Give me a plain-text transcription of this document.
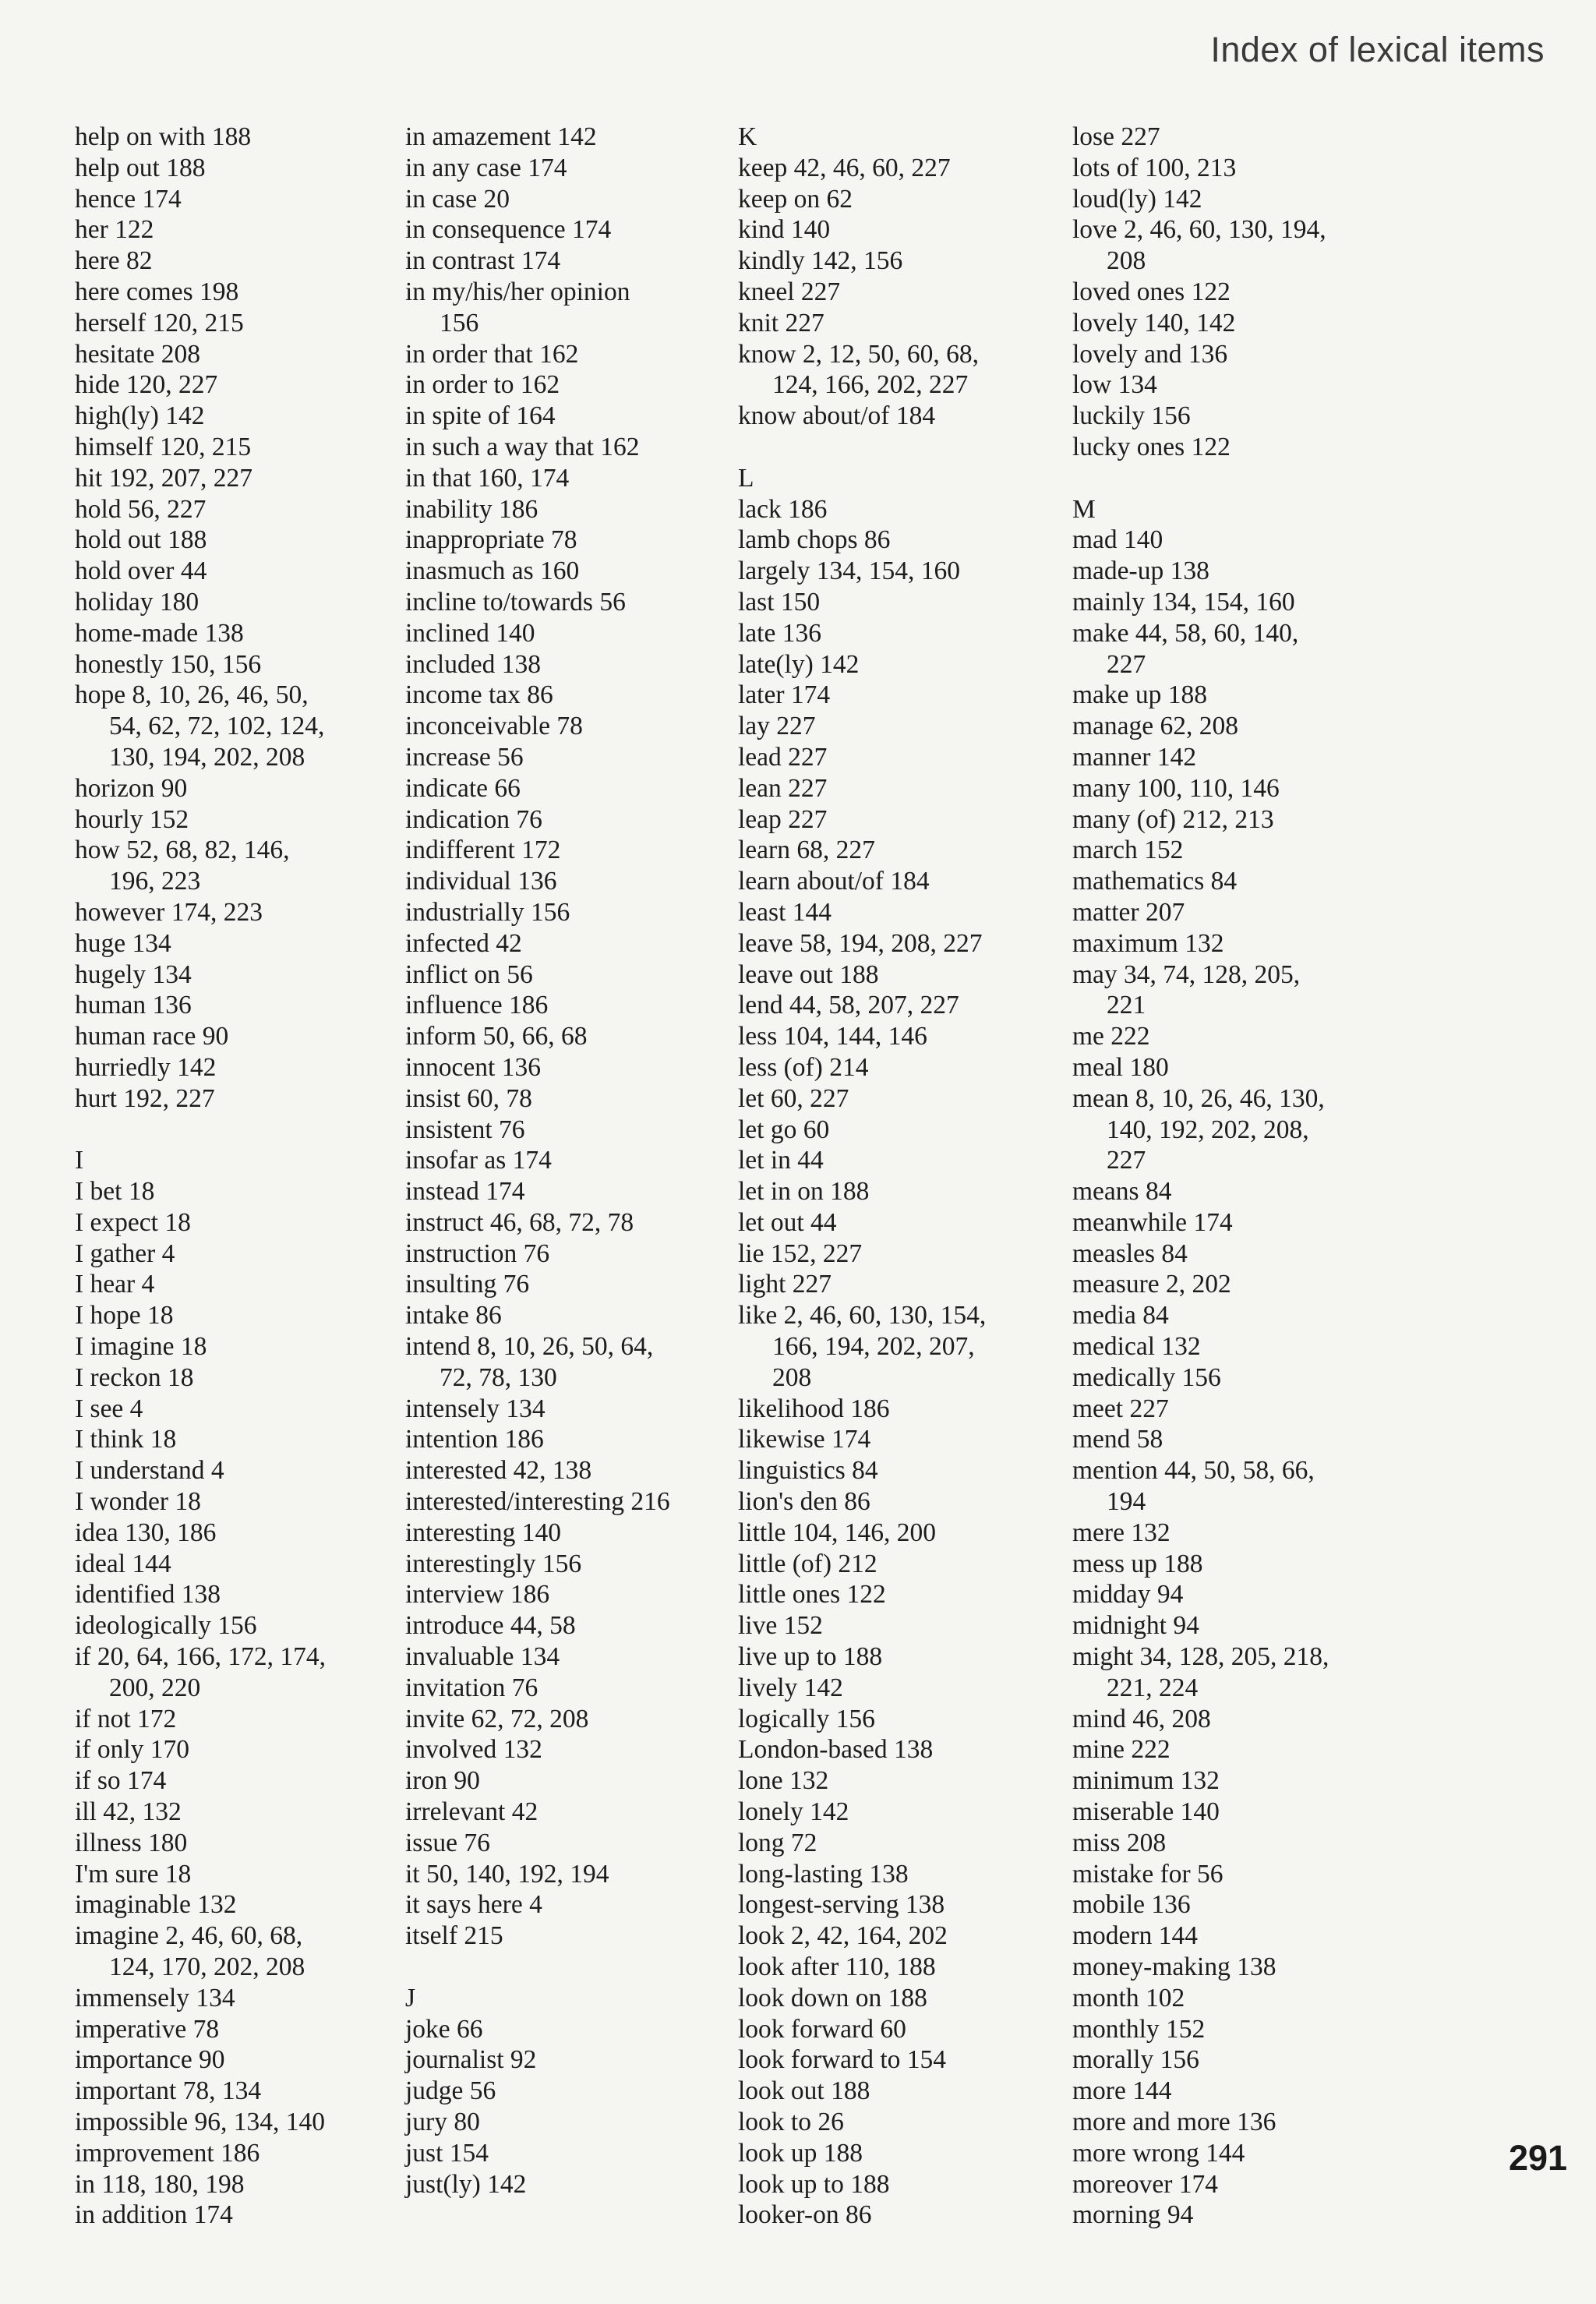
Index of lexical items
help on with 188
help out 188
hence 174
her 122
here 82
here comes 198
herself 120, 215
hesitate 208
hide 120, 227
high(ly) 142
himself 120, 215
hit 192, 207, 227
hold 56, 227
hold out 188
hold over 44
holiday 180
home-made 138
honestly 150, 156
hope 8, 10, 26, 46, 50,
54, 62, 72, 102, 124,
130, 194, 202, 208
horizon 90
hourly 152
how 52, 68, 82, 146,
196, 223
however 174, 223
huge 134
hugely 134
human 136
human race 90
hurriedly 142
hurt 192, 227
I
I bet 18
I expect 18
I gather 4
I hear 4
I hope 18
I imagine 18
I reckon 18
I see 4
I think 18
I understand 4
I wonder 18
idea 130, 186
ideal 144
identified 138
ideologically 156
if 20, 64, 166, 172, 174,
200, 220
if not 172
if only 170
if so 174
ill 42, 132
illness 180
I'm sure 18
imaginable 132
imagine 2, 46, 60, 68,
124, 170, 202, 208
immensely 134
imperative 78
importance 90
important 78, 134
impossible 96, 134, 140
improvement 186
in 118, 180, 198
in addition 174
in amazement 142
in any case 174
in case 20
in consequence 174
in contrast 174
in my/his/her opinion
156
in order that 162
in order to 162
in spite of 164
in such a way that 162
in that 160, 174
inability 186
inappropriate 78
inasmuch as 160
incline to/towards 56
inclined 140
included 138
income tax 86
inconceivable 78
increase 56
indicate 66
indication 76
indifferent 172
individual 136
industrially 156
infected 42
inflict on 56
influence 186
inform 50, 66, 68
innocent 136
insist 60, 78
insistent 76
insofar as 174
instead 174
instruct 46, 68, 72, 78
instruction 76
insulting 76
intake 86
intend 8, 10, 26, 50, 64,
72, 78, 130
intensely 134
intention 186
interested 42, 138
interested/interesting 216
interesting 140
interestingly 156
interview 186
introduce 44, 58
invaluable 134
invitation 76
invite 62, 72, 208
involved 132
iron 90
irrelevant 42
issue 76
it 50, 140, 192, 194
it says here 4
itself 215
J
joke 66
journalist 92
judge 56
jury 80
just 154
just(ly) 142
K
keep 42, 46, 60, 227
keep on 62
kind 140
kindly 142, 156
kneel 227
knit 227
know 2, 12, 50, 60, 68,
124, 166, 202, 227
know about/of 184
L
lack 186
lamb chops 86
largely 134, 154, 160
last 150
late 136
late(ly) 142
later 174
lay 227
lead 227
lean 227
leap 227
learn 68, 227
learn about/of 184
least 144
leave 58, 194, 208, 227
leave out 188
lend 44, 58, 207, 227
less 104, 144, 146
less (of) 214
let 60, 227
let go 60
let in 44
let in on 188
let out 44
lie 152, 227
light 227
like 2, 46, 60, 130, 154,
166, 194, 202, 207,
208
likelihood 186
likewise 174
linguistics 84
lion's den 86
little 104, 146, 200
little (of) 212
little ones 122
live 152
live up to 188
lively 142
logically 156
London-based 138
lone 132
lonely 142
long 72
long-lasting 138
longest-serving 138
look 2, 42, 164, 202
look after 110, 188
look down on 188
look forward 60
look forward to 154
look out 188
look to 26
look up 188
look up to 188
looker-on 86
lose 227
lots of 100, 213
loud(ly) 142
love 2, 46, 60, 130, 194,
208
loved ones 122
lovely 140, 142
lovely and 136
low 134
luckily 156
lucky ones 122
M
mad 140
made-up 138
mainly 134, 154, 160
make 44, 58, 60, 140,
227
make up 188
manage 62, 208
manner 142
many 100, 110, 146
many (of) 212, 213
march 152
mathematics 84
matter 207
maximum 132
may 34, 74, 128, 205,
221
me 222
meal 180
mean 8, 10, 26, 46, 130,
140, 192, 202, 208,
227
means 84
meanwhile 174
measles 84
measure 2, 202
media 84
medical 132
medically 156
meet 227
mend 58
mention 44, 50, 58, 66,
194
mere 132
mess up 188
midday 94
midnight 94
might 34, 128, 205, 218,
221, 224
mind 46, 208
mine 222
minimum 132
miserable 140
miss 208
mistake for 56
mobile 136
modern 144
money-making 138
month 102
monthly 152
morally 156
more 144
more and more 136
more wrong 144
moreover 174
morning 94
291
